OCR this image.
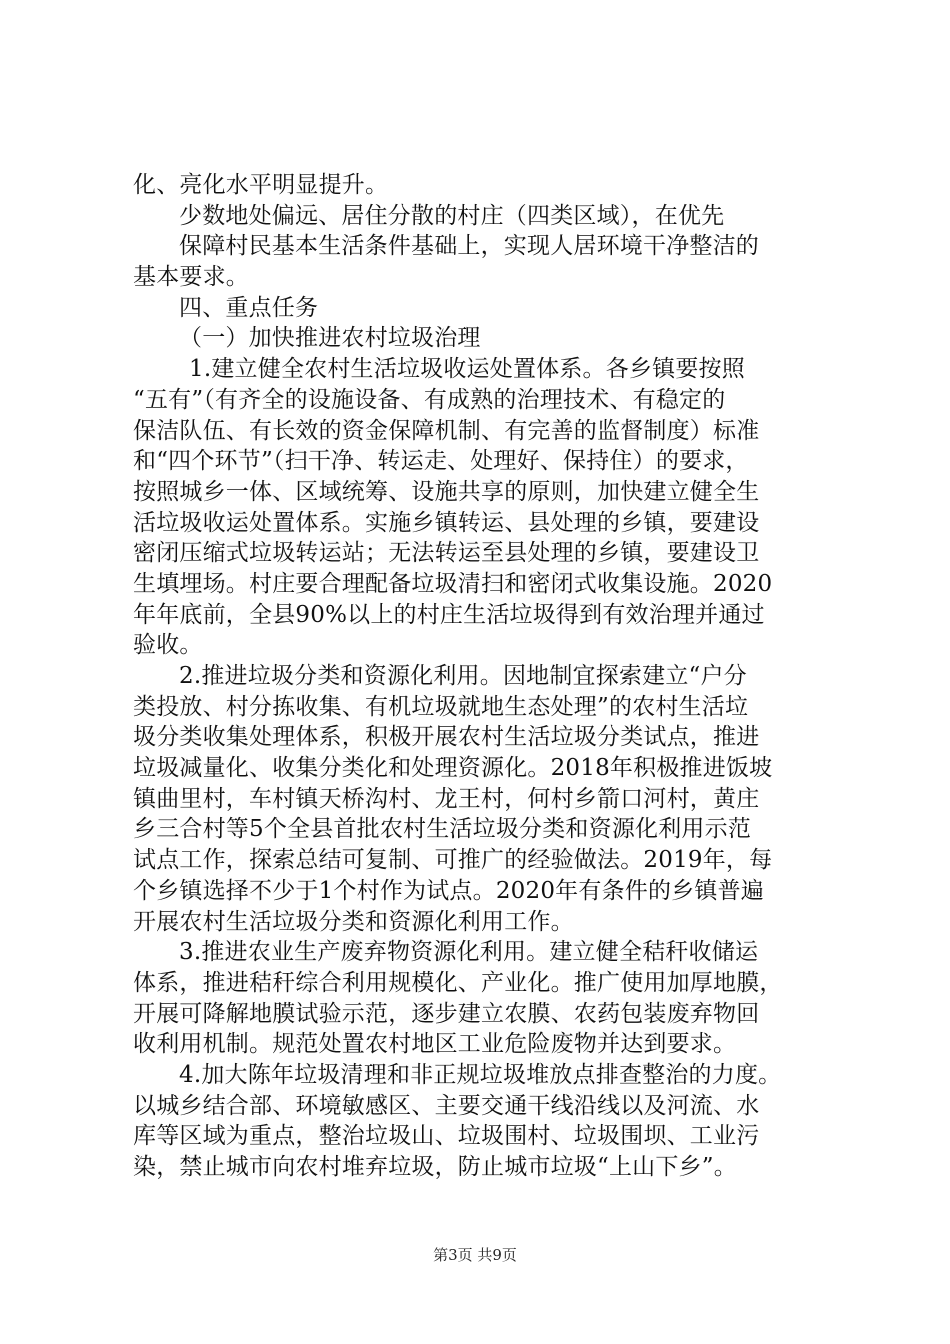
化、亮化水平明显提升。
少数地处偏远、居住分散的村庄（四类区域），在优先
保障村民基本生活条件基础上，实现人居环境干净整洁的
基本要求。
四、重点任务
（一）加快推进农村垃圾治理
1.建立健全农村生活垃圾收运处置体系。各乡镇要按照
“五有”（有齐全的设施设备、有成熟的治理技术、有稳定的
保洁队伍、有长效的资金保障机制、有完善的监督制度）标准
和“四个环节”（扫干净、转运走、处理好、保持住）的要求，
按照城乡一体、区域统筹、设施共享的原则，加快建立健全生
活垃圾收运处置体系。实施乡镇转运、县处理的乡镇，要建设
密闭压缩式垃圾转运站；无法转运至县处理的乡镇，要建设卫
生填埋场。村庄要合理配备垃圾清扫和密闭式收集设施。2020
年年底前，全县90%以上的村庄生活垃圾得到有效治理并通过
验收。
2.推进垃圾分类和资源化利用。因地制宜探索建立“户分
类投放、村分拣收集、有机垃圾就地生态处理”的农村生活垃
圾分类收集处理体系，积极开展农村生活垃圾分类试点，推进
垃圾减量化、收集分类化和处理资源化。2018年积极推进饭坡
镇曲里村，车村镇天桥沟村、龙王村，何村乡箭口河村，黄庄
乡三合村等5个全县首批农村生活垃圾分类和资源化利用示范
试点工作，探索总结可复制、可推广的经验做法。2019年，每
个乡镇选择不少于1个村作为试点。2020年有条件的乡镇普遍
开展农村生活垃圾分类和资源化利用工作。
3.推进农业生产废弃物资源化利用。建立健全秸秆收储运
体系，推进秸秆综合利用规模化、产业化。推广使用加厚地膜，
开展可降解地膜试验示范，逐步建立农膜、农药包装废弃物回
收利用机制。规范处置农村地区工业危险废物并达到要求。
4.加大陈年垃圾清理和非正规垃圾堆放点排查整治的力度。
以城乡结合部、环境敏感区、主要交通干线沿线以及河流、水
库等区域为重点，整治垃圾山、垃圾围村、垃圾围坝、工业污
染，禁止城市向农村堆弃垃圾，防止城市垃圾“上山下乡”。
第3页 共9页
